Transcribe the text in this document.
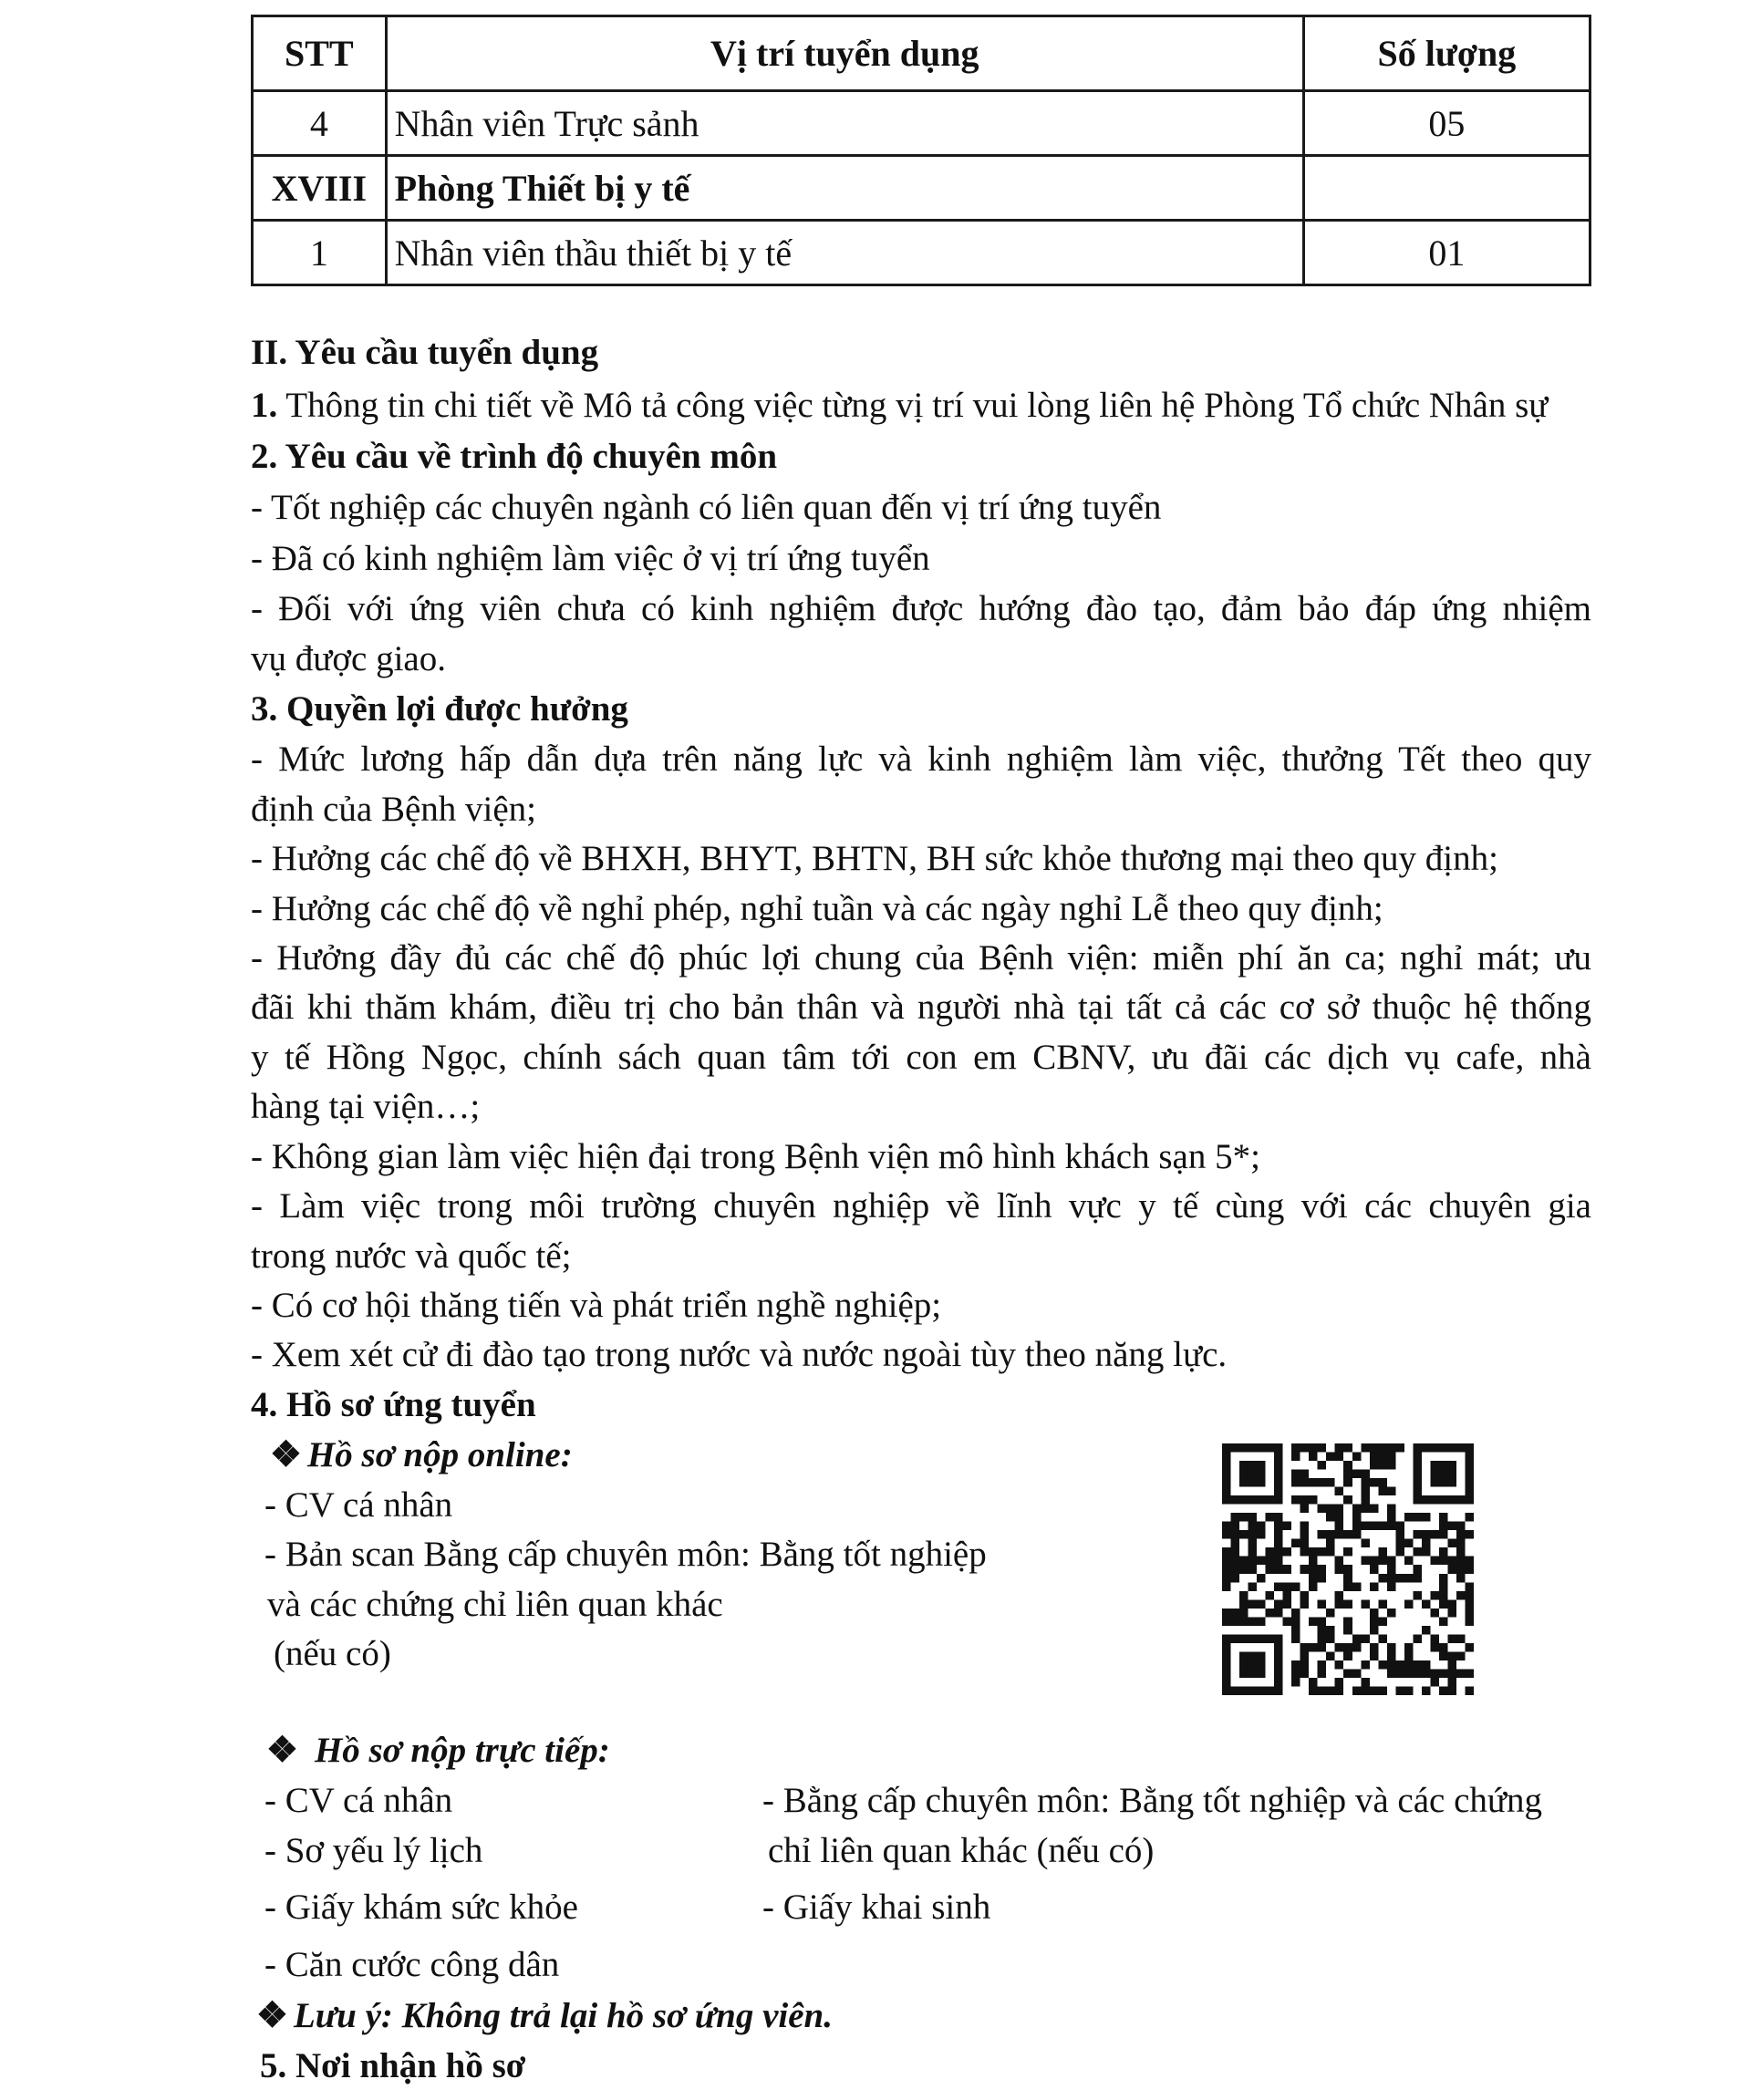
STT	Vị trí tuyển dụng	Số lượng
4	Nhân viên Trực sảnh	05
XVIII	Phòng Thiết bị y tế	
1	Nhân viên thầu thiết bị y tế	01
II. Yêu cầu tuyển dụng
1. Thông tin chi tiết về Mô tả công việc từng vị trí vui lòng liên hệ Phòng Tổ chức Nhân sự
2. Yêu cầu về trình độ chuyên môn
- Tốt nghiệp các chuyên ngành có liên quan đến vị trí ứng tuyển
- Đã có kinh nghiệm làm việc ở vị trí ứng tuyển
- Đối với ứng viên chưa có kinh nghiệm được hướng đào tạo, đảm bảo đáp ứng nhiệm
vụ được giao.
3. Quyền lợi được hưởng
- Mức lương hấp dẫn dựa trên năng lực và kinh nghiệm làm việc, thưởng Tết theo quy
định của Bệnh viện;
- Hưởng các chế độ về BHXH, BHYT, BHTN, BH sức khỏe thương mại theo quy định;
- Hưởng các chế độ về nghỉ phép, nghỉ tuần và các ngày nghỉ Lễ theo quy định;
- Hưởng đầy đủ các chế độ phúc lợi chung của Bệnh viện: miễn phí ăn ca; nghỉ mát; ưu
đãi khi thăm khám, điều trị cho bản thân và người nhà tại tất cả các cơ sở thuộc hệ thống
y tế Hồng Ngọc, chính sách quan tâm tới con em CBNV, ưu đãi các dịch vụ cafe, nhà
hàng tại viện…;
- Không gian làm việc hiện đại trong Bệnh viện mô hình khách sạn 5*;
- Làm việc trong môi trường chuyên nghiệp về lĩnh vực y tế cùng với các chuyên gia
trong nước và quốc tế;
- Có cơ hội thăng tiến và phát triển nghề nghiệp;
- Xem xét cử đi đào tạo trong nước và nước ngoài tùy theo năng lực.
4. Hồ sơ ứng tuyển
❖ Hồ sơ nộp online:
- CV cá nhân
- Bản scan Bằng cấp chuyên môn: Bằng tốt nghiệp
và các chứng chỉ liên quan khác
(nếu có)
❖ Hồ sơ nộp trực tiếp:
- CV cá nhân
- Sơ yếu lý lịch
- Giấy khám sức khỏe
- Căn cước công dân
- Bằng cấp chuyên môn: Bằng tốt nghiệp và các chứng
chỉ liên quan khác (nếu có)
- Giấy khai sinh
❖ Lưu ý: Không trả lại hồ sơ ứng viên.
5. Nơi nhận hồ sơ
